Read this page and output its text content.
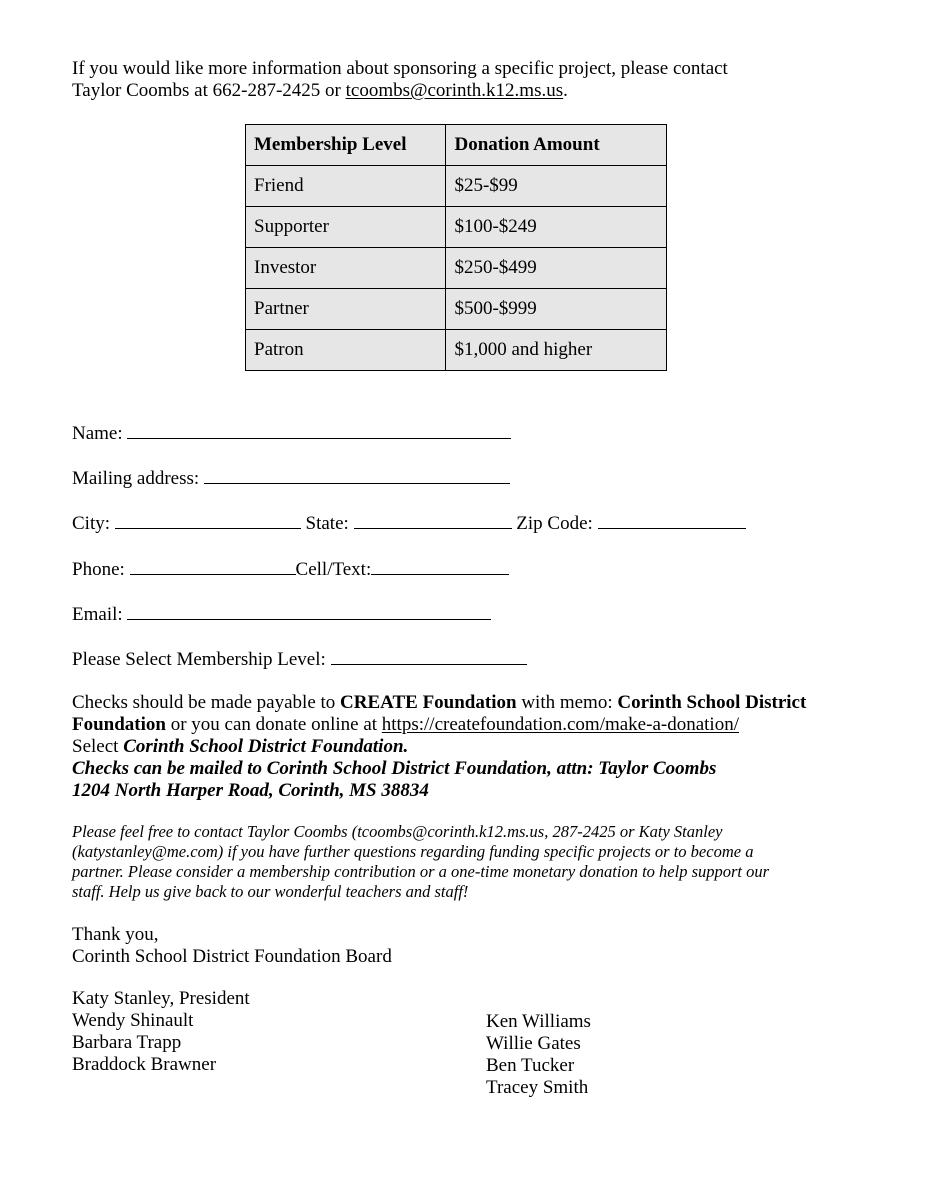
If you would like more information about sponsoring a specific project, please contact
Taylor Coombs at 662-287-2425 or tcoombs@corinth.k12.ms.us.
Membership Level	Donation Amount
Friend	$25-$99
Supporter	$100-$249
Investor	$250-$499
Partner	$500-$999
Patron	$1,000 and higher
Name:
Mailing address:
City:	State:	Zip Code:
Phone:	Cell/Text:
Email:
Please Select Membership Level:
Checks should be made payable to CREATE Foundation with memo: Corinth School District
Foundation or you can donate online at https://createfoundation.com/make-a-donation/
Select Corinth School District Foundation.
Checks can be mailed to Corinth School District Foundation, attn: Taylor Coombs
1204 North Harper Road, Corinth, MS 38834
Please feel free to contact Taylor Coombs (tcoombs@corinth.k12.ms.us, 287-2425 or Katy Stanley
(katystanley@me.com) if you have further questions regarding funding specific projects or to become a
partner. Please consider a membership contribution or a one-time monetary donation to help support our
staff. Help us give back to our wonderful teachers and staff!
Thank you,
Corinth School District Foundation Board
Katy Stanley, President
Wendy Shinault
Barbara Trapp
Braddock Brawner
Ken Williams
Willie Gates
Ben Tucker
Tracey Smith
